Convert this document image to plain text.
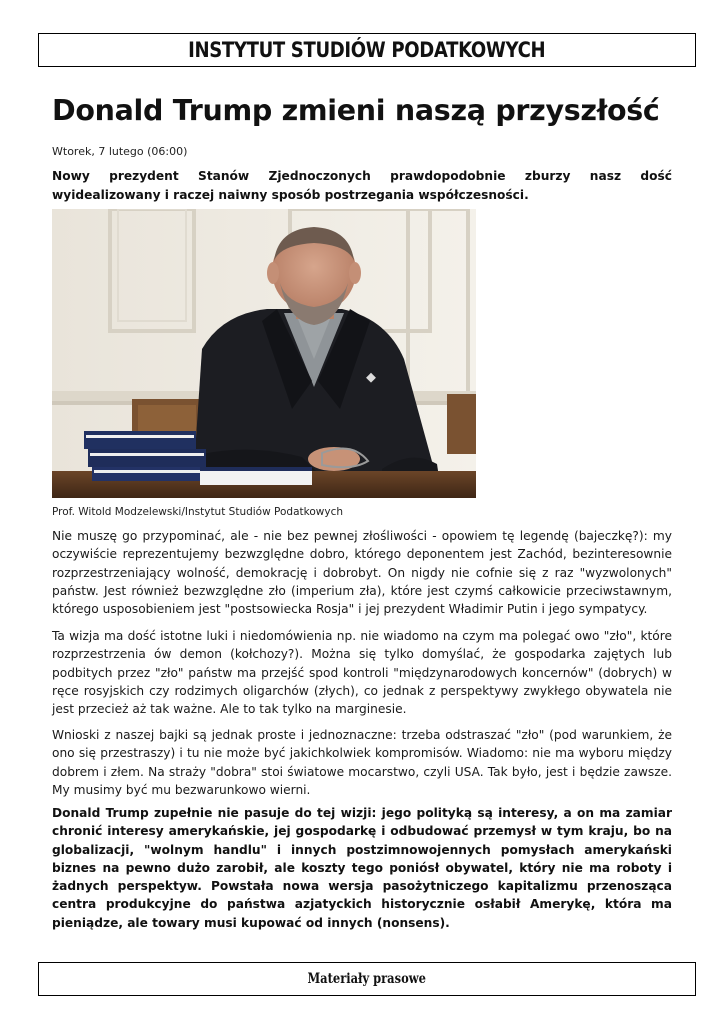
INSTYTUT STUDIÓW PODATKOWYCH
Donald Trump zmieni naszą przyszłość
Wtorek, 7 lutego (06:00)

Nowy prezydent Stanów Zjednoczonych prawdopodobnie zburzy nasz dość wyidealizowany i raczej naiwny sposób postrzegania współczesności.

Prof. Witold Modzelewski/Instytut Studiów Podatkowych

Nie muszę go przypominać, ale - nie bez pewnej złośliwości - opowiem tę legendę (bajeczkę?): my oczywiście reprezentujemy bezwzględne dobro, którego deponentem jest Zachód, bezinteresownie rozprzestrzeniający wolność, demokrację i dobrobyt. On nigdy nie cofnie się z raz "wyzwolonych" państw. Jest również bezwzględne zło (imperium zła), które jest czymś całkowicie przeciwstawnym, którego usposobieniem jest "postsowiecka Rosja" i jej prezydent Władimir Putin i jego sympatycy.

Ta wizja ma dość istotne luki i niedomówienia np. nie wiadomo na czym ma polegać owo "zło", które rozprzestrzenia ów demon (kołchozy?). Można się tylko domyślać, że gospodarka zajętych lub podbitych przez "zło" państw ma przejść spod kontroli "międzynarodowych koncernów" (dobrych) w ręce rosyjskich czy rodzimych oligarchów (złych), co jednak z perspektywy zwykłego obywatela nie jest przecież aż tak ważne. Ale to tak tylko na marginesie.

Wnioski z naszej bajki są jednak proste i jednoznaczne: trzeba odstraszać "zło" (pod warunkiem, że ono się przestraszy) i tu nie może być jakichkolwiek kompromisów. Wiadomo: nie ma wyboru między dobrem i złem. Na straży "dobra" stoi światowe mocarstwo, czyli USA. Tak było, jest i będzie zawsze. My musimy być mu bezwarunkowo wierni.

Donald Trump zupełnie nie pasuje do tej wizji: jego polityką są interesy, a on ma zamiar chronić interesy amerykańskie, jej gospodarkę i odbudować przemysł w tym kraju, bo na globalizacji, "wolnym handlu" i innych postzimnowojennych pomysłach amerykański biznes na pewno dużo zarobił, ale koszty tego poniósł obywatel, który nie ma roboty i żadnych perspektyw. Powstała nowa wersja pasożytniczego kapitalizmu przenosząca centra produkcyjne do państwa azjatyckich historycznie osłabił Amerykę, która ma pieniądze, ale towary musi kupować od innych (nonsens).

Materiały prasowe
